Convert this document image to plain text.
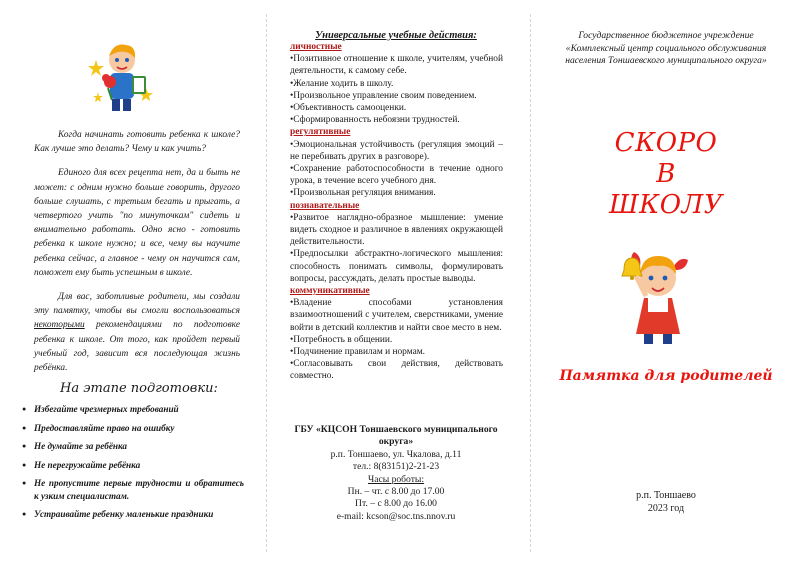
Когда начинать готовить ребенка к школе? Как лучше это делать? Чему и как учить?

Единого для всех рецепта нет, да и быть не может: с одним нужно больше говорить, другого больше слушать, с третьим бегать и прыгать, а четвертого учить "по минуточкам" сидеть и внимательно работать. Одно ясно - готовить ребенка к школе нужно; и все, чему вы научите ребенка сейчас, а главное - чему он научится сам, поможет ему быть успешным в школе.

Для вас, заботливые родители, мы создали эту памятку, чтобы вы смогли воспользоваться некоторыми рекомендациями по подготовке ребенка к школе. От того, как пройдет первый учебный год, зависит вся последующая жизнь ребёнка.

На этапе подготовки:
● Избегайте чрезмерных требований
● Предоставляйте право на ошибку
● Не думайте за ребёнка
● Не перегружайте ребёнка
● Не пропустите первые трудности и обратитесь к узким специалистам.
● Устраивайте ребенку маленькие праздники
Универсальные учебные действия:
личностные
•Позитивное отношение к школе, учителям, учебной деятельности, к самому себе.
•Желание ходить в школу.
•Произвольное управление своим поведением.
•Объективность самооценки.
•Сформированность небоязни трудностей.
регулятивные
•Эмоциональная устойчивость (регуляция эмоций – не перебивать других в разговоре).
•Сохранение работоспособности в течение одного урока, в течение всего учебного дня.
•Произвольная регуляция внимания.
познавательные
•Развитое наглядно-образное мышление: умение видеть сходное и различное в явлениях окружающей действительности.
•Предпосылки абстрактно-логического мышления: способность понимать символы, формулировать вопросы, рассуждать, делать простые выводы.
коммуникативные
•Владение способами установления взаимоотношений с учителем, сверстниками, умение войти в детский коллектив и найти свое место в нем.
•Потребность в общении.
•Подчинение правилам и нормам.
•Согласовывать свои действия, действовать совместно.
ГБУ «КЦСОН Тоншаевского муниципального
округа»
р.п. Тоншаево, ул. Чкалова, д.11
тел.: 8(83151)2-21-23
Часы роботы:
Пн. – чт. с 8.00 до 17.00
Пт. – с 8.00 до 16.00
e-mail: kcson@soc.tns.nnov.ru
Государственное бюджетное учреждение
«Комплексный центр социального обслуживания
населения Тоншаевского муниципального округа»
СКОРО
В
ШКОЛУ
Памятка для родителей
р.п. Тоншаево
2023 год
